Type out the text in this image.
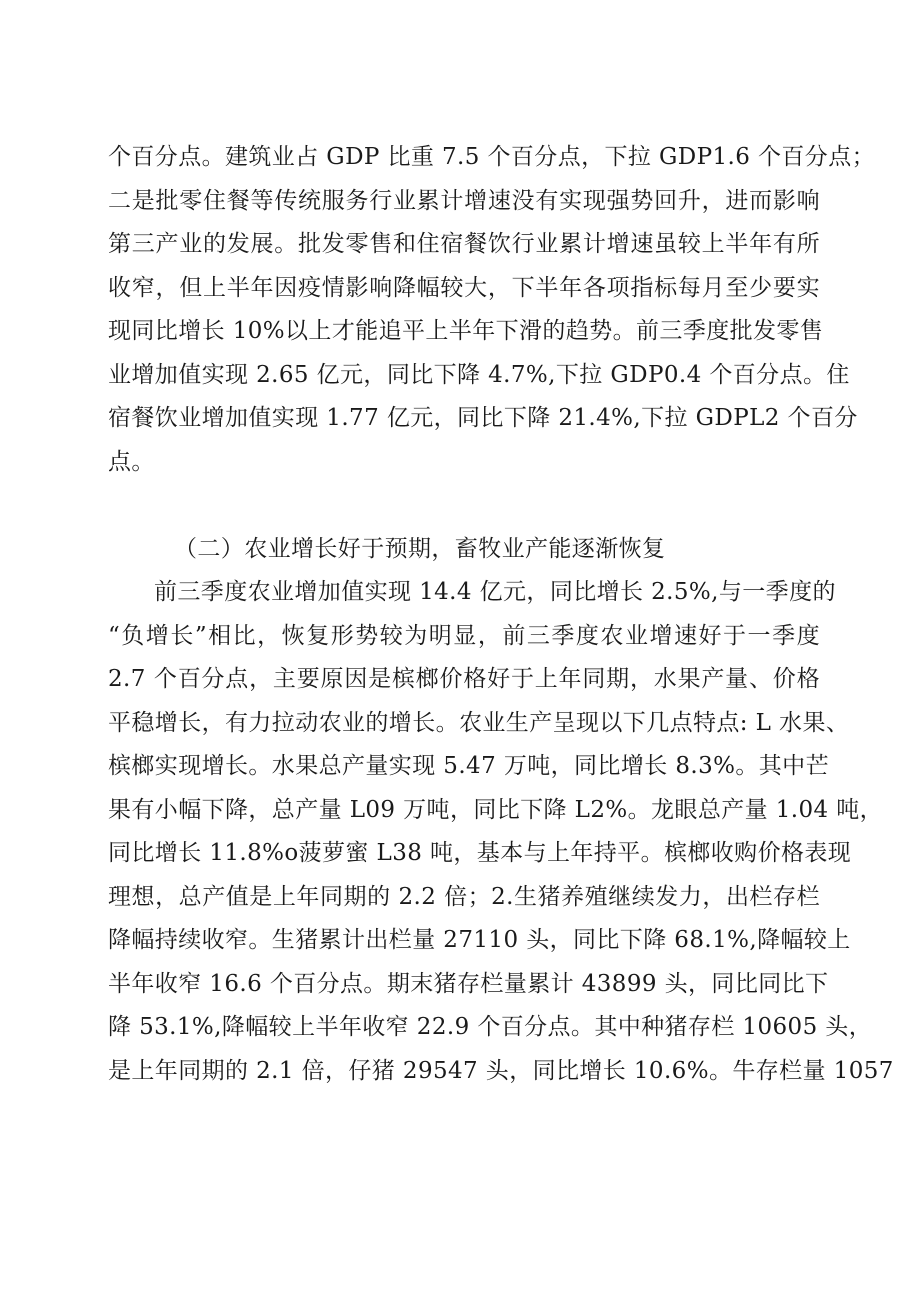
个百分点。建筑业占 GDP 比重 7.5 个百分点，下拉 GDP1.6 个百分点；
二是批零住餐等传统服务行业累计增速没有实现强势回升，进而影响
第三产业的发展。批发零售和住宿餐饮行业累计增速虽较上半年有所
收窄，但上半年因疫情影响降幅较大，下半年各项指标每月至少要实
现同比增长 10%以上才能追平上半年下滑的趋势。前三季度批发零售
业增加值实现 2.65 亿元，同比下降 4.7%,下拉 GDP0.4 个百分点。住
宿餐饮业增加值实现 1.77 亿元，同比下降 21.4%,下拉 GDPL2 个百分
点。
（二）农业增长好于预期，畜牧业产能逐渐恢复
前三季度农业增加值实现 14.4 亿元，同比增长 2.5%,与一季度的
“负增长”相比，恢复形势较为明显，前三季度农业增速好于一季度
2.7 个百分点，主要原因是槟榔价格好于上年同期，水果产量、价格
平稳增长，有力拉动农业的增长。农业生产呈现以下几点特点: L 水果、
槟榔实现增长。水果总产量实现 5.47 万吨，同比增长 8.3%。其中芒
果有小幅下降，总产量 L09 万吨，同比下降 L2%。龙眼总产量 1.04 吨，
同比增长 11.8%o菠萝蜜 L38 吨，基本与上年持平。槟榔收购价格表现
理想，总产值是上年同期的 2.2 倍；2.生猪养殖继续发力，出栏存栏
降幅持续收窄。生猪累计出栏量 27110 头，同比下降 68.1%,降幅较上
半年收窄 16.6 个百分点。期末猪存栏量累计 43899 头，同比同比下
降 53.1%,降幅较上半年收窄 22.9 个百分点。其中种猪存栏 10605 头，
是上年同期的 2.1 倍，仔猪 29547 头，同比增长 10.6%。牛存栏量 1057
